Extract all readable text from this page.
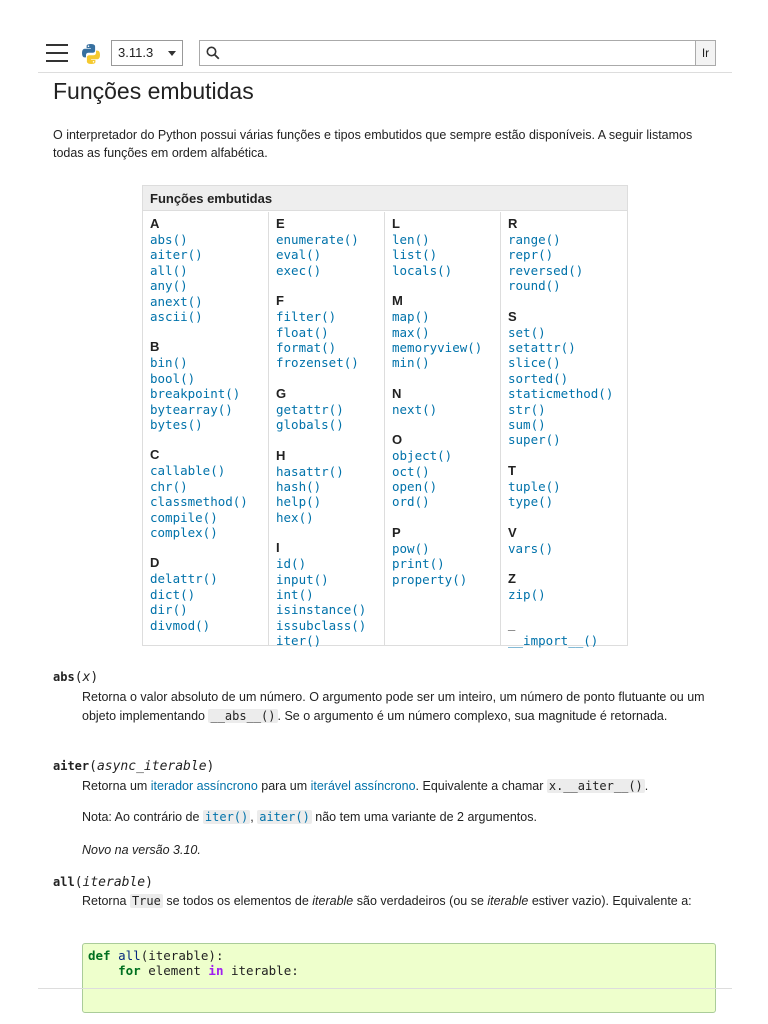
3.11.3	Ir
Funções embutidas

O interpretador do Python possui várias funções e tipos embutidos que sempre estão disponíveis. A seguir listamos todas as funções em ordem alfabética.

Funções embutidas
A
abs()
aiter()
all()
any()
anext()
ascii()
B
bin()
bool()
breakpoint()
bytearray()
bytes()
C
callable()
chr()
classmethod()
compile()
complex()
D
delattr()
dict()
dir()
divmod()
E
enumerate()
eval()
exec()
F
filter()
float()
format()
frozenset()
G
getattr()
globals()
H
hasattr()
hash()
help()
hex()
I
id()
input()
int()
isinstance()
issubclass()
iter()
L
len()
list()
locals()
M
map()
max()
memoryview()
min()
N
next()
O
object()
oct()
open()
ord()
P
pow()
print()
property()
R
range()
repr()
reversed()
round()
S
set()
setattr()
slice()
sorted()
staticmethod()
str()
sum()
super()
T
tuple()
type()
V
vars()
Z
zip()
_
__import__()
abs(x)

Retorna o valor absoluto de um número. O argumento pode ser um inteiro, um número de ponto flutuante ou um objeto implementando __abs__() . Se o argumento é um número complexo, sua magnitude é retornada.

aiter(async_iterable)

Retorna um iterador assíncrono para um iterável assíncrono. Equivalente a chamar x.__aiter__() .

Nota: Ao contrário de iter() , aiter() não tem uma variante de 2 argumentos.

Novo na versão 3.10.

all(iterable)

Retorna True se todos os elementos de iterable são verdadeiros (ou se iterable estiver vazio). Equivalente a:

def all(iterable):
for element in iterable:
